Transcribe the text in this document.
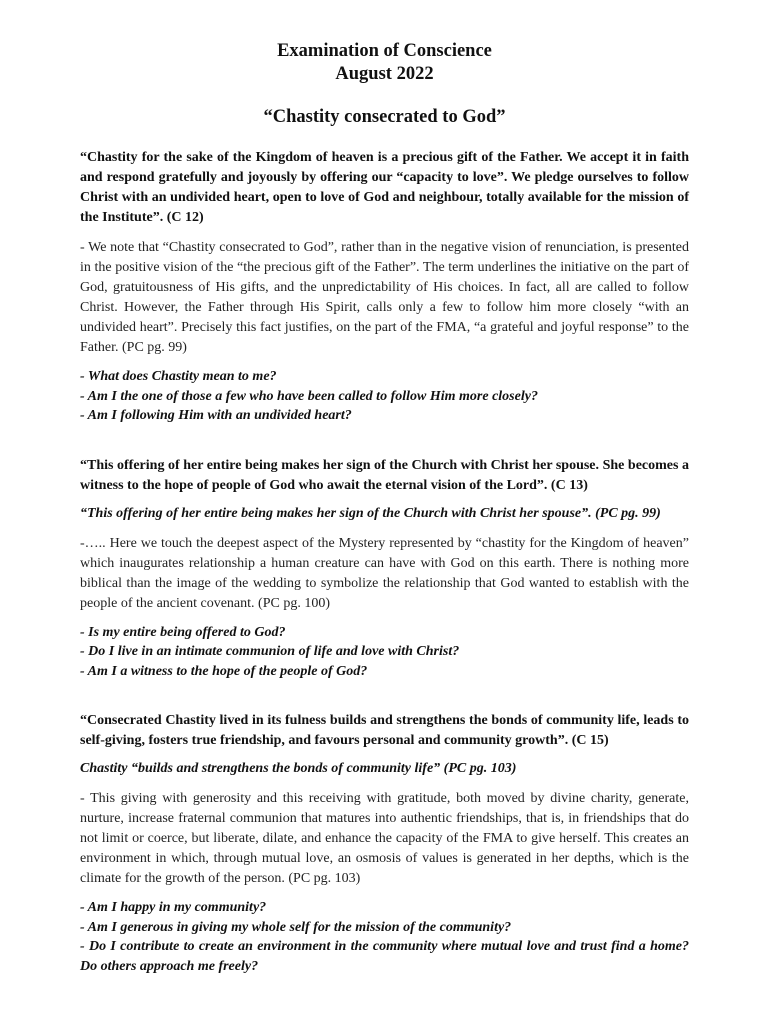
Examination of Conscience
August 2022
“Chastity consecrated to God”

“Chastity for the sake of the Kingdom of heaven is a precious gift of the Father. We accept it in faith and respond gratefully and joyously by offering our “capacity to love”. We pledge ourselves to follow Christ with an undivided heart, open to love of God and neighbour, totally available for the mission of the Institute”. (C 12)

- We note that “Chastity consecrated to God”, rather than in the negative vision of renunciation, is presented in the positive vision of the “the precious gift of the Father”. The term underlines the initiative on the part of God, gratuitousness of His gifts, and the unpredictability of His choices. In fact, all are called to follow Christ. However, the Father through His Spirit, calls only a few to follow him more closely “with an undivided heart”. Precisely this fact justifies, on the part of the FMA, “a grateful and joyful response” to the Father. (PC pg. 99)

- What does Chastity mean to me?

- Am I the one of those a few who have been called to follow Him more closely?

- Am I following Him with an undivided heart?

“This offering of her entire being makes her sign of the Church with Christ her spouse. She becomes a witness to the hope of people of God who await the eternal vision of the Lord”. (C 13)

“This offering of her entire being makes her sign of the Church with Christ her spouse”. (PC pg. 99)

-….. Here we touch the deepest aspect of the Mystery represented by “chastity for the Kingdom of heaven” which inaugurates relationship a human creature can have with God on this earth. There is nothing more biblical than the image of the wedding to symbolize the relationship that God wanted to establish with the people of the ancient covenant. (PC pg. 100)

- Is my entire being offered to God?

- Do I live in an intimate communion of life and love with Christ?

- Am I a witness to the hope of the people of God?

“Consecrated Chastity lived in its fulness builds and strengthens the bonds of community life, leads to self-giving, fosters true friendship, and favours personal and community growth”. (C 15)

Chastity “builds and strengthens the bonds of community life” (PC pg. 103)

- This giving with generosity and this receiving with gratitude, both moved by divine charity, generate, nurture, increase fraternal communion that matures into authentic friendships, that is, in friendships that do not limit or coerce, but liberate, dilate, and enhance the capacity of the FMA to give herself. This creates an environment in which, through mutual love, an osmosis of values is generated in her depths, which is the climate for the growth of the person. (PC pg. 103)

- Am I happy in my community?

- Am I generous in giving my whole self for the mission of the community?

- Do I contribute to create an environment in the community where mutual love and trust find a home? Do others approach me freely?
